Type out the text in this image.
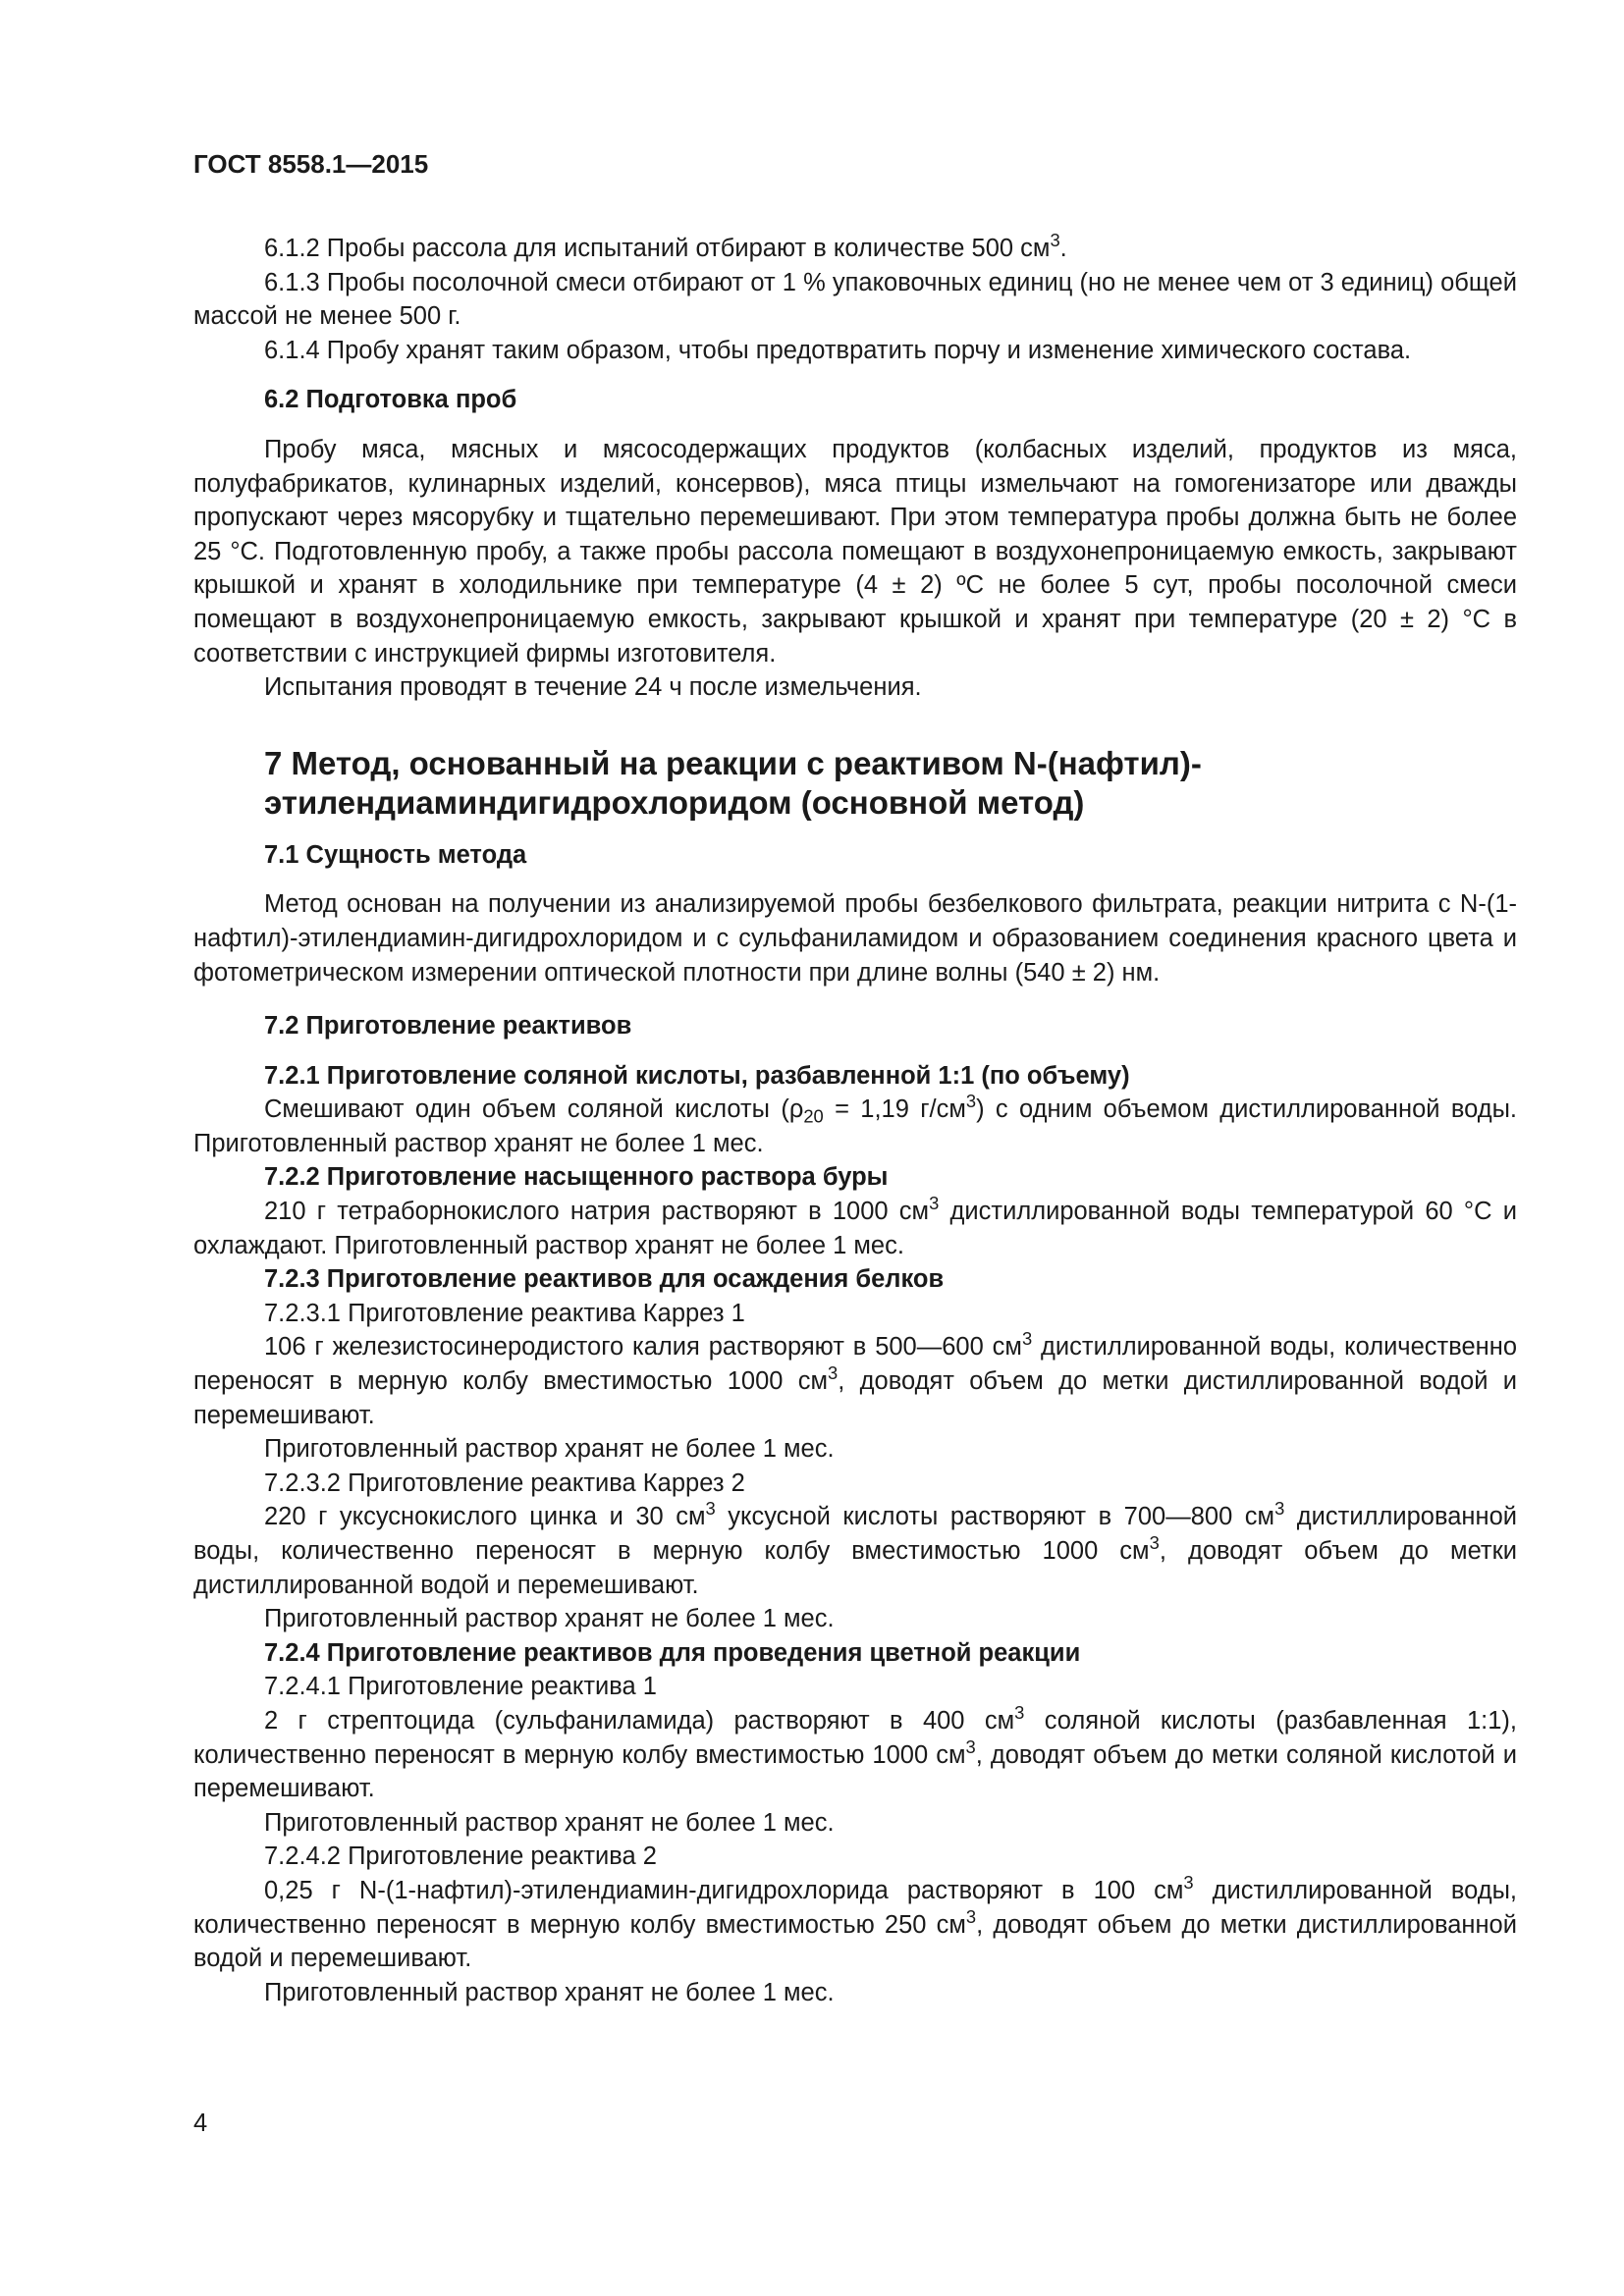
ГОСТ 8558.1—2015

6.1.2 Пробы рассола для испытаний отбирают в количестве 500 $см^3$.

6.1.3 Пробы посолочной смеси отбирают от 1 % упаковочных единиц (но не менее чем от 3 единиц) общей массой не менее 500 г.

6.1.4 Пробу хранят таким образом, чтобы предотвратить порчу и изменение химического состава.

6.2 Подготовка проб

Пробу мяса, мясных и мясосодержащих продуктов (колбасных изделий, продуктов из мяса, полуфабрикатов, кулинарных изделий, консервов), мяса птицы измельчают на гомогенизаторе или дважды пропускают через мясорубку и тщательно перемешивают. При этом температура пробы должна быть не более 25 °С. Подготовленную пробу, а также пробы рассола помещают в воздухонепроницаемую емкость, закрывают крышкой и хранят в холодильнике при температуре (4 ± 2) ºС не более 5 сут, пробы посолочной смеси помещают в воздухонепроницаемую емкость, закрывают крышкой и хранят при температуре (20 ± 2) °С в соответствии с инструкцией фирмы изготовителя.

Испытания проводят в течение 24 ч после измельчения.

7 Метод, основанный на реакции с реактивом N-(нафтил)-
этилендиаминдигидрохлоридом (основной метод)
7.1 Сущность метода

Метод основан на получении из анализируемой пробы безбелкового фильтрата, реакции нитрита с N-(1-нафтил)-этилендиамин-дигидрохлоридом и с сульфаниламидом и образованием соединения красного цвета и фотометрическом измерении оптической плотности при длине волны (540 ± 2) нм.

7.2 Приготовление реактивов
7.2.1 Приготовление соляной кислоты, разбавленной 1:1 (по объему)

Смешивают один объем соляной кислоты ($\rho_{20} = 1,19$ $г/см^3$) с одним объемом дистиллированной воды. Приготовленный раствор хранят не более 1 мес.

7.2.2 Приготовление насыщенного раствора буры

210 г тетраборнокислого натрия растворяют в 1000 $см^3$ дистиллированной воды температурой 60 °С и охлаждают. Приготовленный раствор хранят не более 1 мес.

7.2.3 Приготовление реактивов для осаждения белков

7.2.3.1 Приготовление реактива Каррез 1

106 г железистосинеродистого калия растворяют в 500—600 $см^3$ дистиллированной воды, количественно переносят в мерную колбу вместимостью 1000 $см^3$, доводят объем до метки дистиллированной водой и перемешивают.

Приготовленный раствор хранят не более 1 мес.

7.2.3.2 Приготовление реактива Каррез 2

220 г уксуснокислого цинка и 30 $см^3$ уксусной кислоты растворяют в 700—800 $см^3$ дистиллированной воды, количественно переносят в мерную колбу вместимостью 1000 $см^3$, доводят объем до метки дистиллированной водой и перемешивают.

Приготовленный раствор хранят не более 1 мес.

7.2.4 Приготовление реактивов для проведения цветной реакции

7.2.4.1 Приготовление реактива 1

2 г стрептоцида (сульфаниламида) растворяют в 400 $см^3$ соляной кислоты (разбавленная 1:1), количественно переносят в мерную колбу вместимостью 1000 $см^3$, доводят объем до метки соляной кислотой и перемешивают.

Приготовленный раствор хранят не более 1 мес.

7.2.4.2 Приготовление реактива 2

0,25 г N-(1-нафтил)-этилендиамин-дигидрохлорида растворяют в 100 $см^3$ дистиллированной воды, количественно переносят в мерную колбу вместимостью 250 $см^3$, доводят объем до метки дистиллированной водой и перемешивают.

Приготовленный раствор хранят не более 1 мес.

4
